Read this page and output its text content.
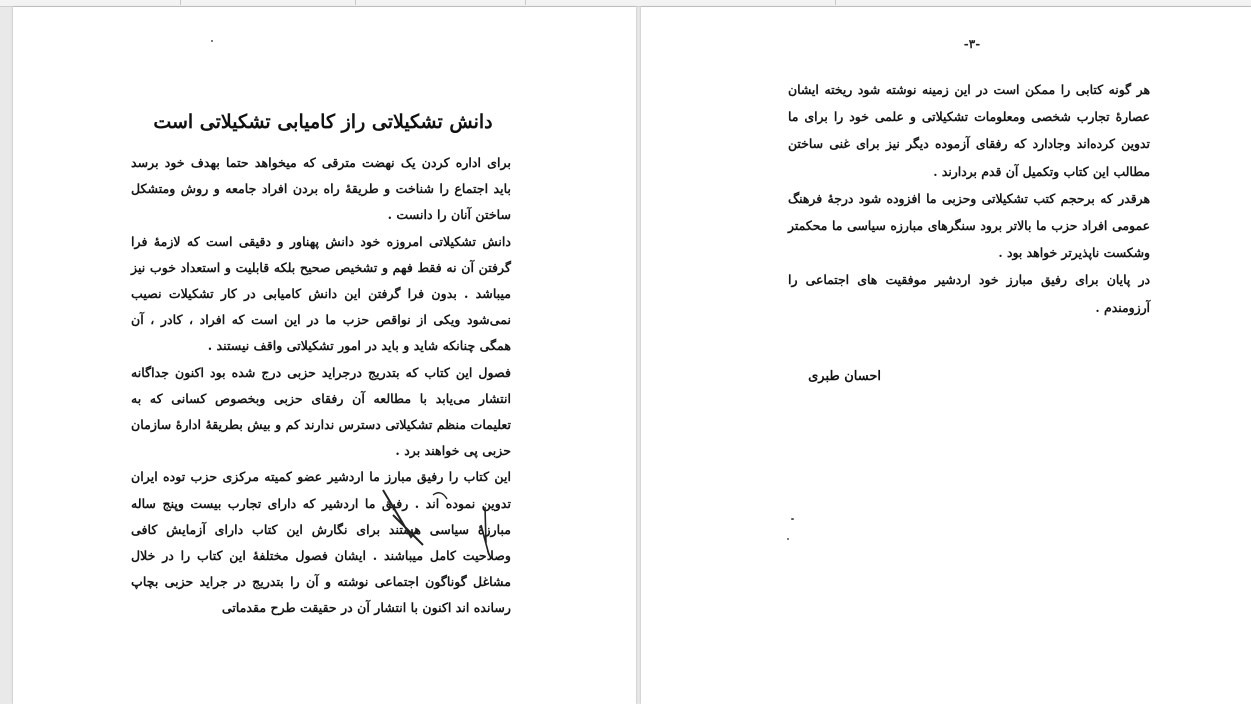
دانش تشکیلاتی راز کامیابی تشکیلاتی است

برای اداره کردن یک نهضت مترقی که میخواهد حتما بهدف خود برسد باید اجتماع را شناخت و طریقهٔ راه بردن افراد جامعه و روش ومتشکل ساختن آنان را دانست .

دانش تشکیلاتی امروزه خود دانش پهناور و دقیقی است که لازمهٔ فرا گرفتن آن نه فقط فهم و تشخیص صحیح بلکه قابلیت و استعداد خوب نیز میباشد . بدون فرا گرفتن این دانش کامیابی در کار تشکیلات نصیب نمی‌شود ویکی از نواقص حزب ما در این است که افراد ، کادر ، آن همگی چنانکه شاید و باید در امور تشکیلاتی واقف نیستند .

فصول این کتاب که بتدریج درجراید حزبی درج شده بود اکنون جداگانه انتشار می‌یابد با مطالعه آن رفقای حزبی وبخصوص کسانی که به تعلیمات منظم تشکیلاتی دسترس ندارند کم و بیش بطریقهٔ ادارهٔ سازمان حزبی پی خواهند برد .

این کتاب را رفیق مبارز ما اردشیر عضو کمیته مرکزی حزب توده ایران تدوین نموده اند . رفیق ما اردشیر که دارای تجارب بیست وپنج ساله مبارزهٔ سیاسی هستند برای نگارش این کتاب دارای آزمایش کافی وصلاحیت کامل میباشند . ایشان فصول مختلفهٔ این کتاب را در خلال مشاغل گوناگون اجتماعی نوشته و آن را بتدریج در جراید حزبی بچاپ رسانده اند اکنون با انتشار آن در حقیقت طرح مقدماتی

-۳-

هر گونه کتابی را ممکن است در این زمینه نوشته شود ریخته ایشان عصارهٔ تجارب شخصی ومعلومات تشکیلاتی و علمی خود را برای ما تدوین کرده‌اند وجادارد که رفقای آزموده دیگر نیز برای غنی ساختن مطالب این کتاب وتکمیل آن قدم بردارند .

هرقدر که برحجم کتب تشکیلاتی وحزبی ما افزوده شود درجهٔ فرهنگ عمومی افراد حزب ما بالاتر برود سنگرهای مبارزه سیاسی ما محکمتر وشکست ناپذیرتر خواهد بود .

در پایان برای رفیق مبارز خود اردشیر موفقیت های اجتماعی را آرزومندم .

احسان طبری
